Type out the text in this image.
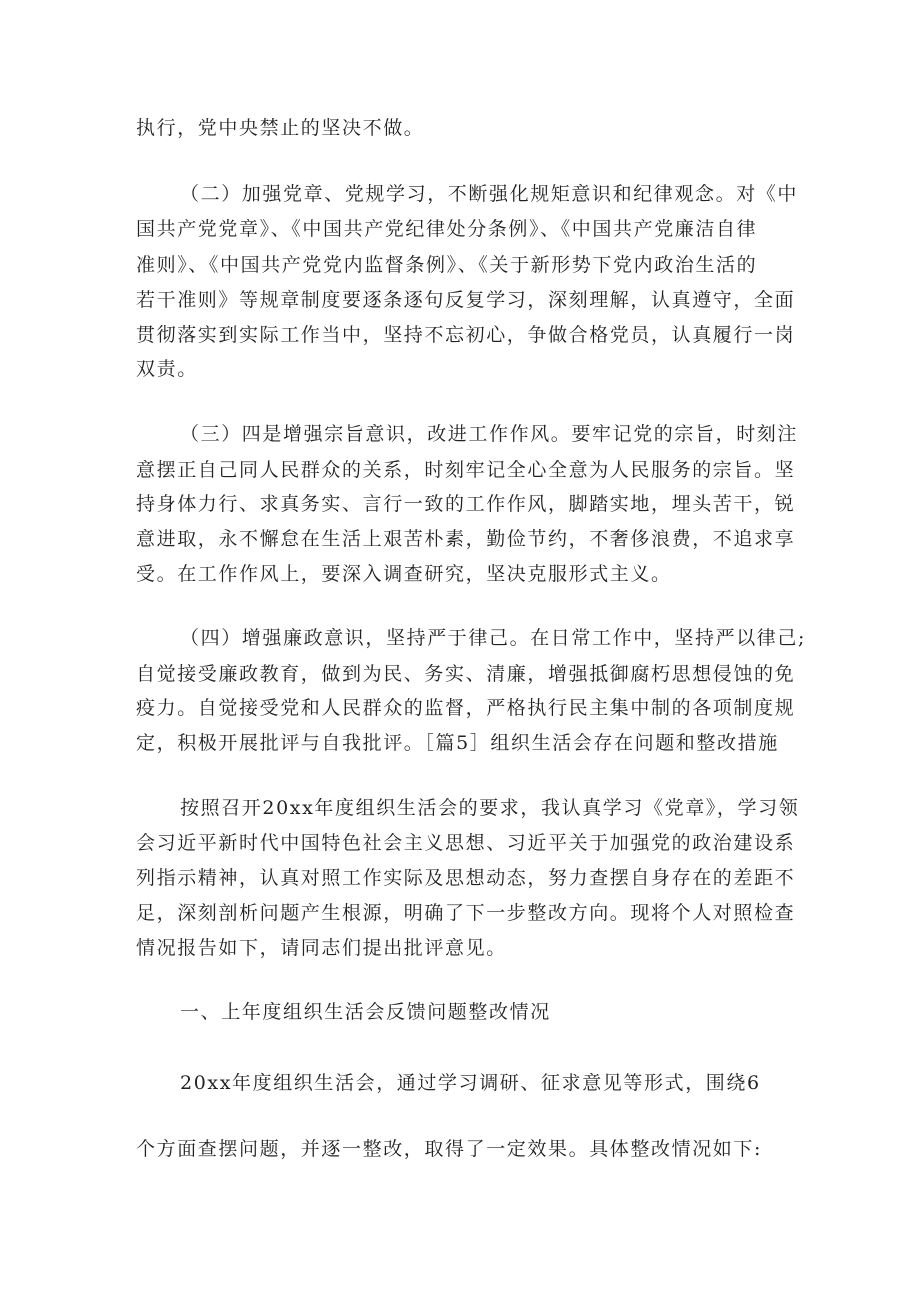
执行，党中央禁止的坚决不做。
（二）加强党章、党规学习，不断强化规矩意识和纪律观念。对《中
国共产党党章》、《中国共产党纪律处分条例》、《中国共产党廉洁自律
准则》、《中国共产党党内监督条例》、《关于新形势下党内政治生活的
若干准则》等规章制度要逐条逐句反复学习，深刻理解，认真遵守，全面
贯彻落实到实际工作当中，坚持不忘初心，争做合格党员，认真履行一岗
双责。
（三）四是增强宗旨意识，改进工作作风。要牢记党的宗旨，时刻注
意摆正自己同人民群众的关系，时刻牢记全心全意为人民服务的宗旨。坚
持身体力行、求真务实、言行一致的工作作风，脚踏实地，埋头苦干，锐
意进取，永不懈怠在生活上艰苦朴素，勤俭节约，不奢侈浪费，不追求享
受。在工作作风上，要深入调查研究，坚决克服形式主义。
（四）增强廉政意识，坚持严于律己。在日常工作中，坚持严以律己;
自觉接受廉政教育，做到为民、务实、清廉，增强抵御腐朽思想侵蚀的免
疫力。自觉接受党和人民群众的监督，严格执行民主集中制的各项制度规
定，积极开展批评与自我批评。［篇5］组织生活会存在问题和整改措施
按照召开20xx年度组织生活会的要求，我认真学习《党章》，学习领
会习近平新时代中国特色社会主义思想、习近平关于加强党的政治建设系
列指示精神，认真对照工作实际及思想动态，努力查摆自身存在的差距不
足，深刻剖析问题产生根源，明确了下一步整改方向。现将个人对照检查
情况报告如下，请同志们提出批评意见。
一、上年度组织生活会反馈问题整改情况
20xx年度组织生活会，通过学习调研、征求意见等形式，围绕6
个方面查摆问题，并逐一整改，取得了一定效果。具体整改情况如下:
